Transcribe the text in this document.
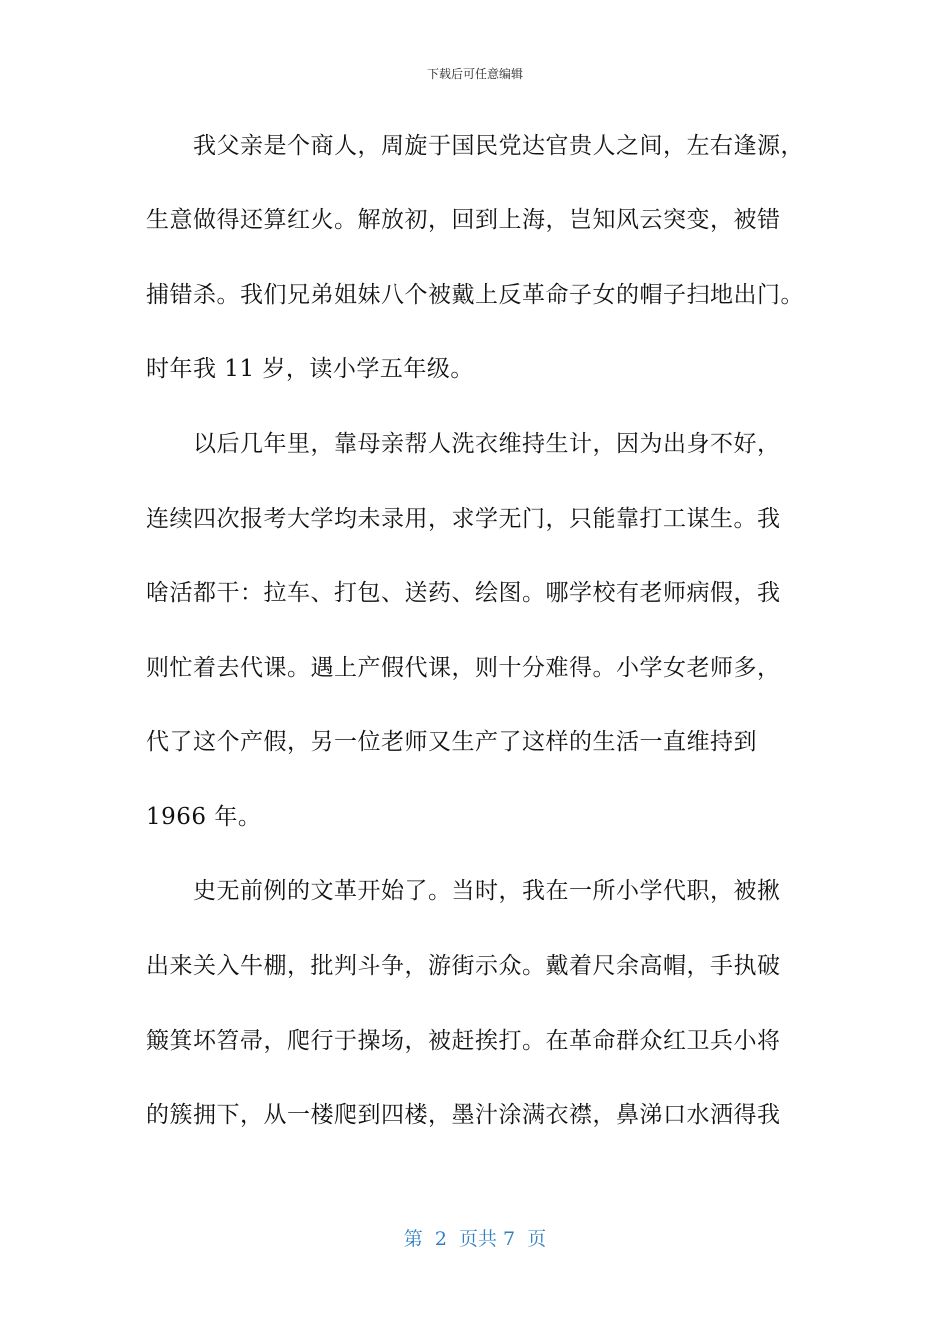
下载后可任意编辑
我父亲是个商人，周旋于国民党达官贵人之间，左右逢源，
生意做得还算红火。解放初，回到上海，岂知风云突变，被错
捕错杀。我们兄弟姐妹八个被戴上反革命子女的帽子扫地出门。
时年我 11 岁，读小学五年级。
以后几年里，靠母亲帮人洗衣维持生计，因为出身不好，
连续四次报考大学均未录用，求学无门，只能靠打工谋生。我
啥活都干：拉车、打包、送药、绘图。哪学校有老师病假，我
则忙着去代课。遇上产假代课，则十分难得。小学女老师多，
代了这个产假，另一位老师又生产了这样的生活一直维持到
1966 年。
史无前例的文革开始了。当时，我在一所小学代职，被揪
出来关入牛棚，批判斗争，游街示众。戴着尺余高帽，手执破
簸箕坏笤帚，爬行于操场，被赶挨打。在革命群众红卫兵小将
的簇拥下，从一楼爬到四楼，墨汁涂满衣襟，鼻涕口水洒得我
第  2  页共 7  页
